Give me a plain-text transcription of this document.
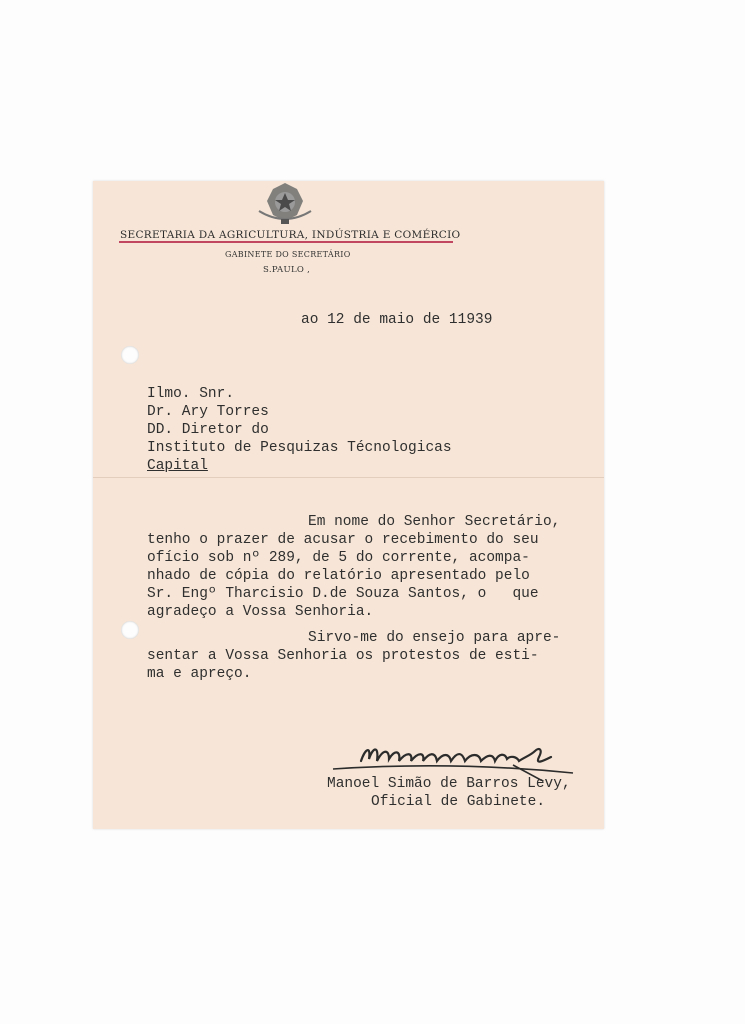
SECRETARIA DA AGRICULTURA, INDÚSTRIA E COMÉRCIO
GABINETE DO SECRETÁRIO
S.PAULO ,
ao 12 de maio de 11939
Ilmo. Snr.
Dr. Ary Torres
DD. Diretor do
Instituto de Pesquizas Técnologicas
Capital
Em nome do Senhor Secretário,
tenho o prazer de acusar o recebimento do seu
ofício sob nº 289, de 5 do corrente, acompa-
nhado de cópia do relatório apresentado pelo
Sr. Engº Tharcisio D.de Souza Santos, o   que
agradeço a Vossa Senhoria.
Sirvo-me do ensejo para apre-
sentar a Vossa Senhoria os protestos de esti-
ma e apreço.
Manoel Simão de Barros Levy,
Oficial de Gabinete.
